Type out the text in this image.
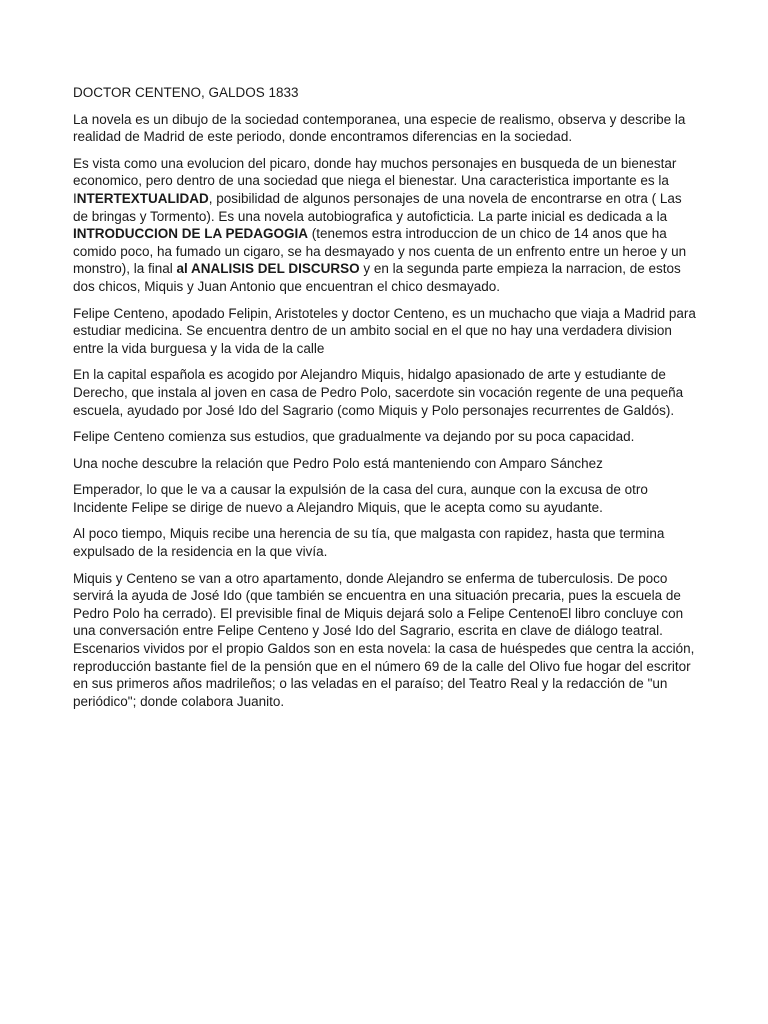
DOCTOR CENTENO, GALDOS 1833

La novela es un dibujo de la sociedad contemporanea, una especie de realismo, observa y describe la realidad de Madrid de este periodo, donde encontramos diferencias en la sociedad.

Es vista como una evolucion del picaro, donde hay muchos personajes en busqueda de un bienestar economico, pero dentro de una sociedad que niega el bienestar. Una caracteristica importante es la INTERTEXTUALIDAD, posibilidad de algunos personajes de una novela de encontrarse en otra ( Las de bringas y Tormento). Es una novela autobiografica y autoficticia. La parte inicial es dedicada a la INTRODUCCION DE LA PEDAGOGIA (tenemos estra introduccion de un chico de 14 anos que ha comido poco, ha fumado un cigaro, se ha desmayado y nos cuenta de un enfrento entre un heroe y un monstro), la final al ANALISIS DEL DISCURSO y en la segunda parte empieza la narracion, de estos dos chicos, Miquis y Juan Antonio que encuentran el chico desmayado.

Felipe Centeno, apodado Felipin, Aristoteles y doctor Centeno, es un muchacho que viaja a Madrid para estudiar medicina. Se encuentra dentro de un ambito social en el que no hay una verdadera division entre la vida burguesa y la vida de la calle

En la capital española es acogido por Alejandro Miquis, hidalgo apasionado de arte y estudiante de Derecho, que instala al joven en casa de Pedro Polo, sacerdote sin vocación regente de una pequeña escuela, ayudado por José Ido del Sagrario (como Miquis y Polo personajes recurrentes de Galdós).

Felipe Centeno comienza sus estudios, que gradualmente va dejando por su poca capacidad.

Una noche descubre la relación que Pedro Polo está manteniendo con Amparo Sánchez

Emperador, lo que le va a causar la expulsión de la casa del cura, aunque con la excusa de otro Incidente Felipe se dirige de nuevo a Alejandro Miquis, que le acepta como su ayudante.

Al poco tiempo, Miquis recibe una herencia de su tía, que malgasta con rapidez, hasta que termina expulsado de la residencia en la que vivía.

Miquis y Centeno se van a otro apartamento, donde Alejandro se enferma de tuberculosis. De poco servirá la ayuda de José Ido (que también se encuentra en una situación precaria, pues la escuela de Pedro Polo ha cerrado). El previsible final de Miquis dejará solo a Felipe CentenoEl libro concluye con una conversación entre Felipe Centeno y José Ido del Sagrario, escrita en clave de diálogo teatral. Escenarios vividos por el propio Galdos son en esta novela: la casa de huéspedes que centra la acción, reproducción bastante fiel de la pensión que en el número 69 de la calle del Olivo fue hogar del escritor en sus primeros años madrileños; o las veladas en el paraíso; del Teatro Real y la redacción de "un periódico"; donde colabora Juanito.
